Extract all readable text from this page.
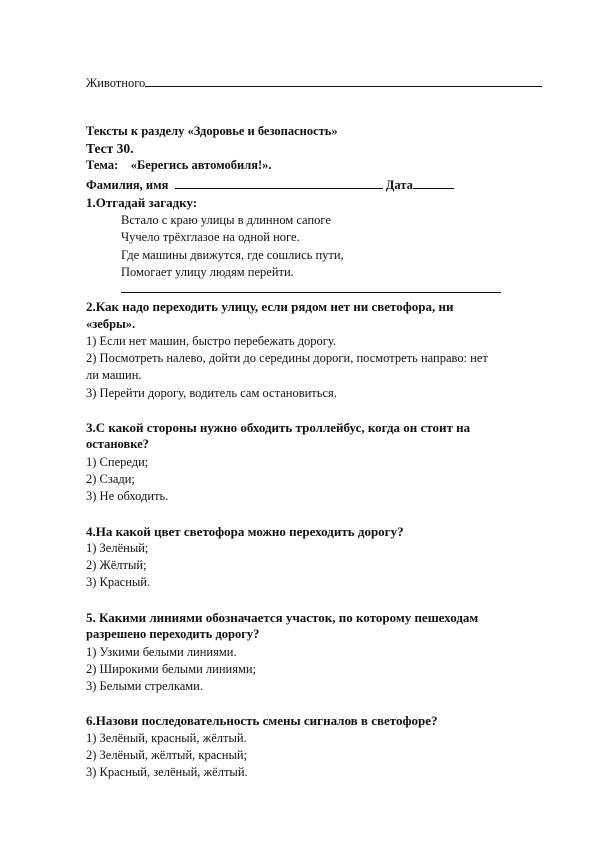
Животного
Тексты к разделу «Здоровье и безопасность»
Тест 30.
Тема: «Берегись автомобиля!».
Фамилия, имя	Дата
1.Отгадай загадку:
Встало с краю улицы в длинном сапоге
Чучело трёхглазое на одной ноге.
Где машины движутся, где сошлись пути,
Помогает улицу людям перейти.
2.Как надо переходить улицу, если рядом нет ни светофора, ни
«зебры».
1) Если нет машин, быстро перебежать дорогу.
2) Посмотреть налево, дойти до середины дороги, посмотреть направо: нет
ли машин.
3) Перейти дорогу, водитель сам остановиться.
3.С какой стороны нужно обходить троллейбус, когда он стоит на
остановке?
1) Спереди;
2) Сзади;
3) Не обходить.
4.На какой цвет светофора можно переходить дорогу?
1) Зелёный;
2) Жёлтый;
3) Красный.
5. Какими линиями обозначается участок, по которому пешеходам
разрешено переходить дорогу?
1) Узкими белыми линиями.
2) Широкими белыми линиями;
3) Белыми стрелками.
6.Назови последовательность смены сигналов в светофоре?
1) Зелёный, красный, жёлтый.
2) Зелёный, жёлтый, красный;
3) Красный, зелёный, жёлтый.
